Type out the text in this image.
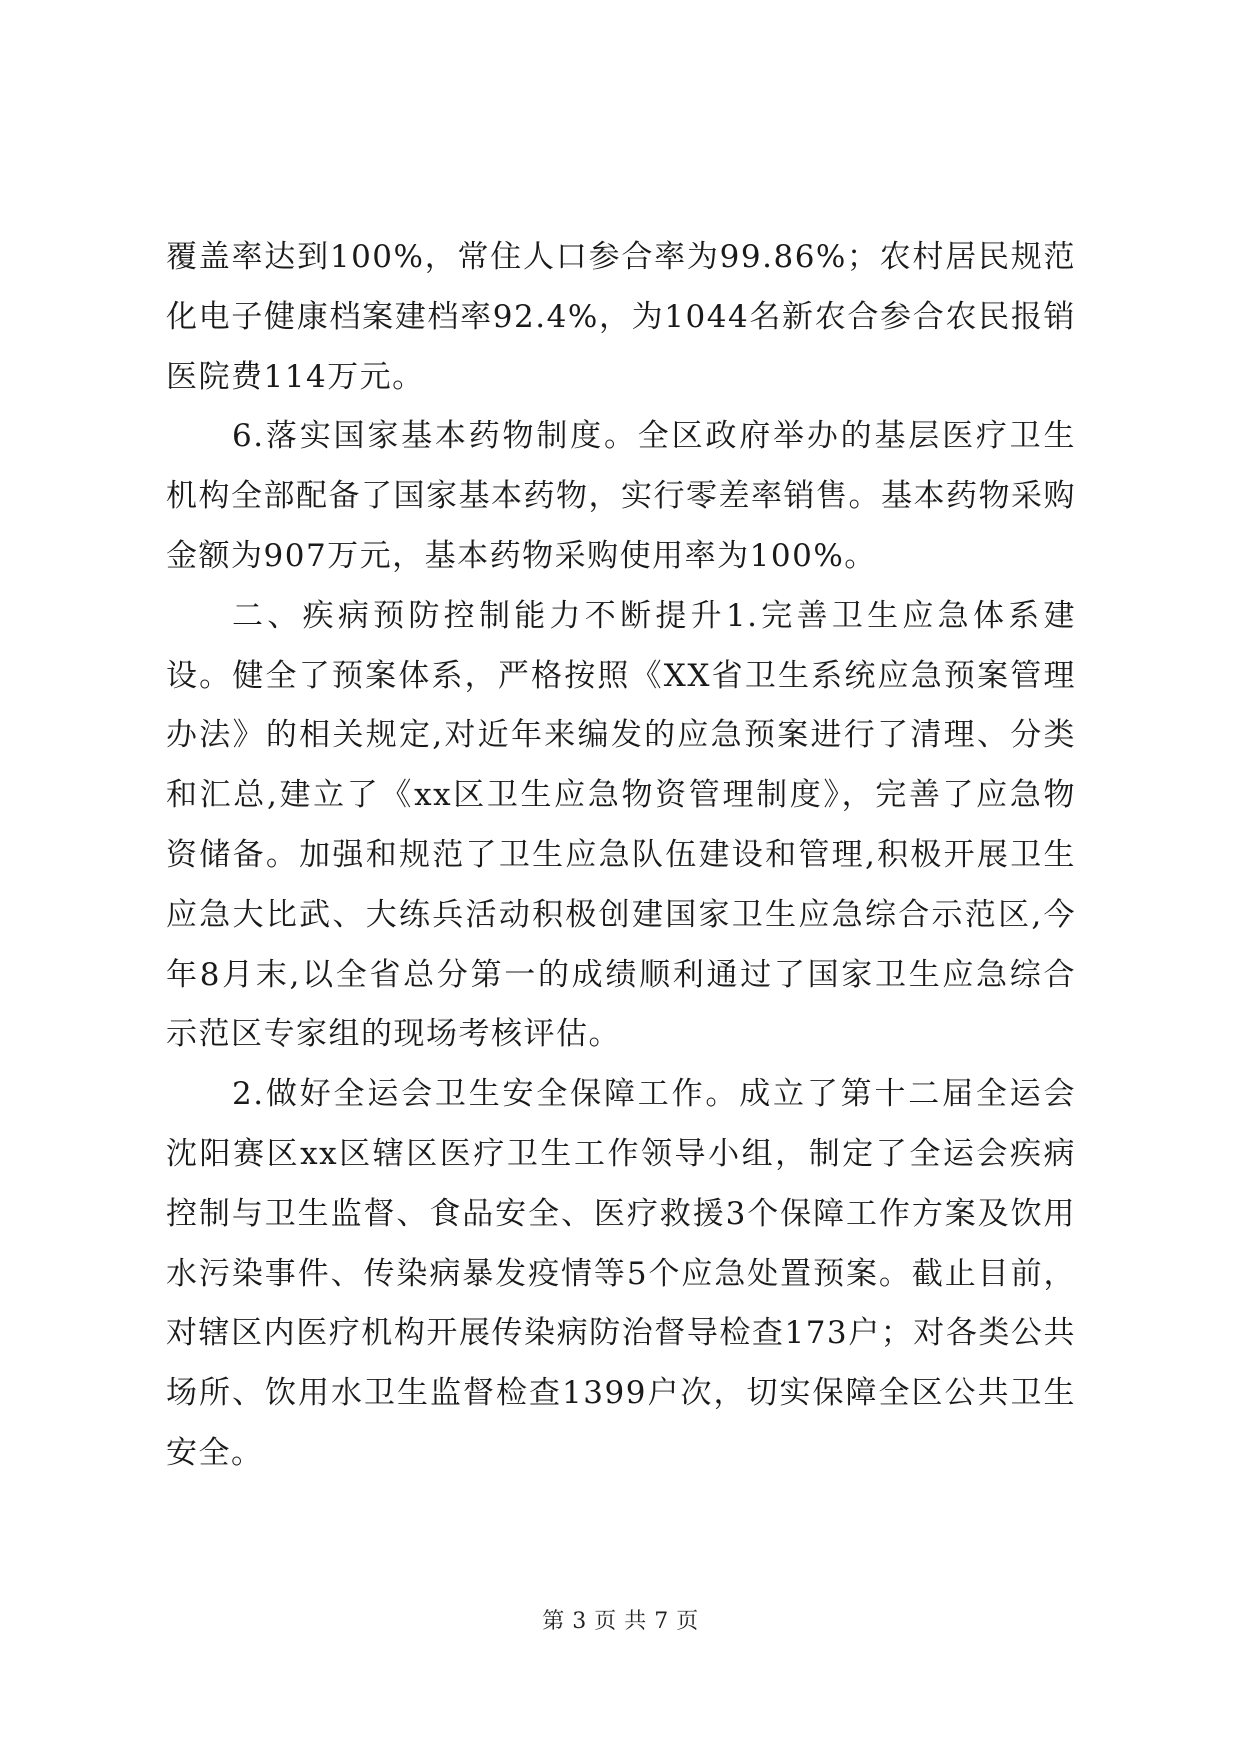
覆盖率达到100%，常住人口参合率为99.86%；农村居民规范化电子健康档案建档率92.4%，为1044名新农合参合农民报销医院费114万元。

6.落实国家基本药物制度。全区政府举办的基层医疗卫生机构全部配备了国家基本药物，实行零差率销售。基本药物采购金额为907万元，基本药物采购使用率为100%。

二、疾病预防控制能力不断提升1.完善卫生应急体系建设。健全了预案体系，严格按照《XX省卫生系统应急预案管理办法》的相关规定,对近年来编发的应急预案进行了清理、分类和汇总,建立了《xx区卫生应急物资管理制度》，完善了应急物资储备。加强和规范了卫生应急队伍建设和管理,积极开展卫生应急大比武、大练兵活动积极创建国家卫生应急综合示范区,今年8月末,以全省总分第一的成绩顺利通过了国家卫生应急综合示范区专家组的现场考核评估。

2.做好全运会卫生安全保障工作。成立了第十二届全运会沈阳赛区xx区辖区医疗卫生工作领导小组，制定了全运会疾病控制与卫生监督、食品安全、医疗救援3个保障工作方案及饮用水污染事件、传染病暴发疫情等5个应急处置预案。截止目前，对辖区内医疗机构开展传染病防治督导检查173户；对各类公共场所、饮用水卫生监督检查1399户次，切实保障全区公共卫生安全。

第 3 页 共 7 页
